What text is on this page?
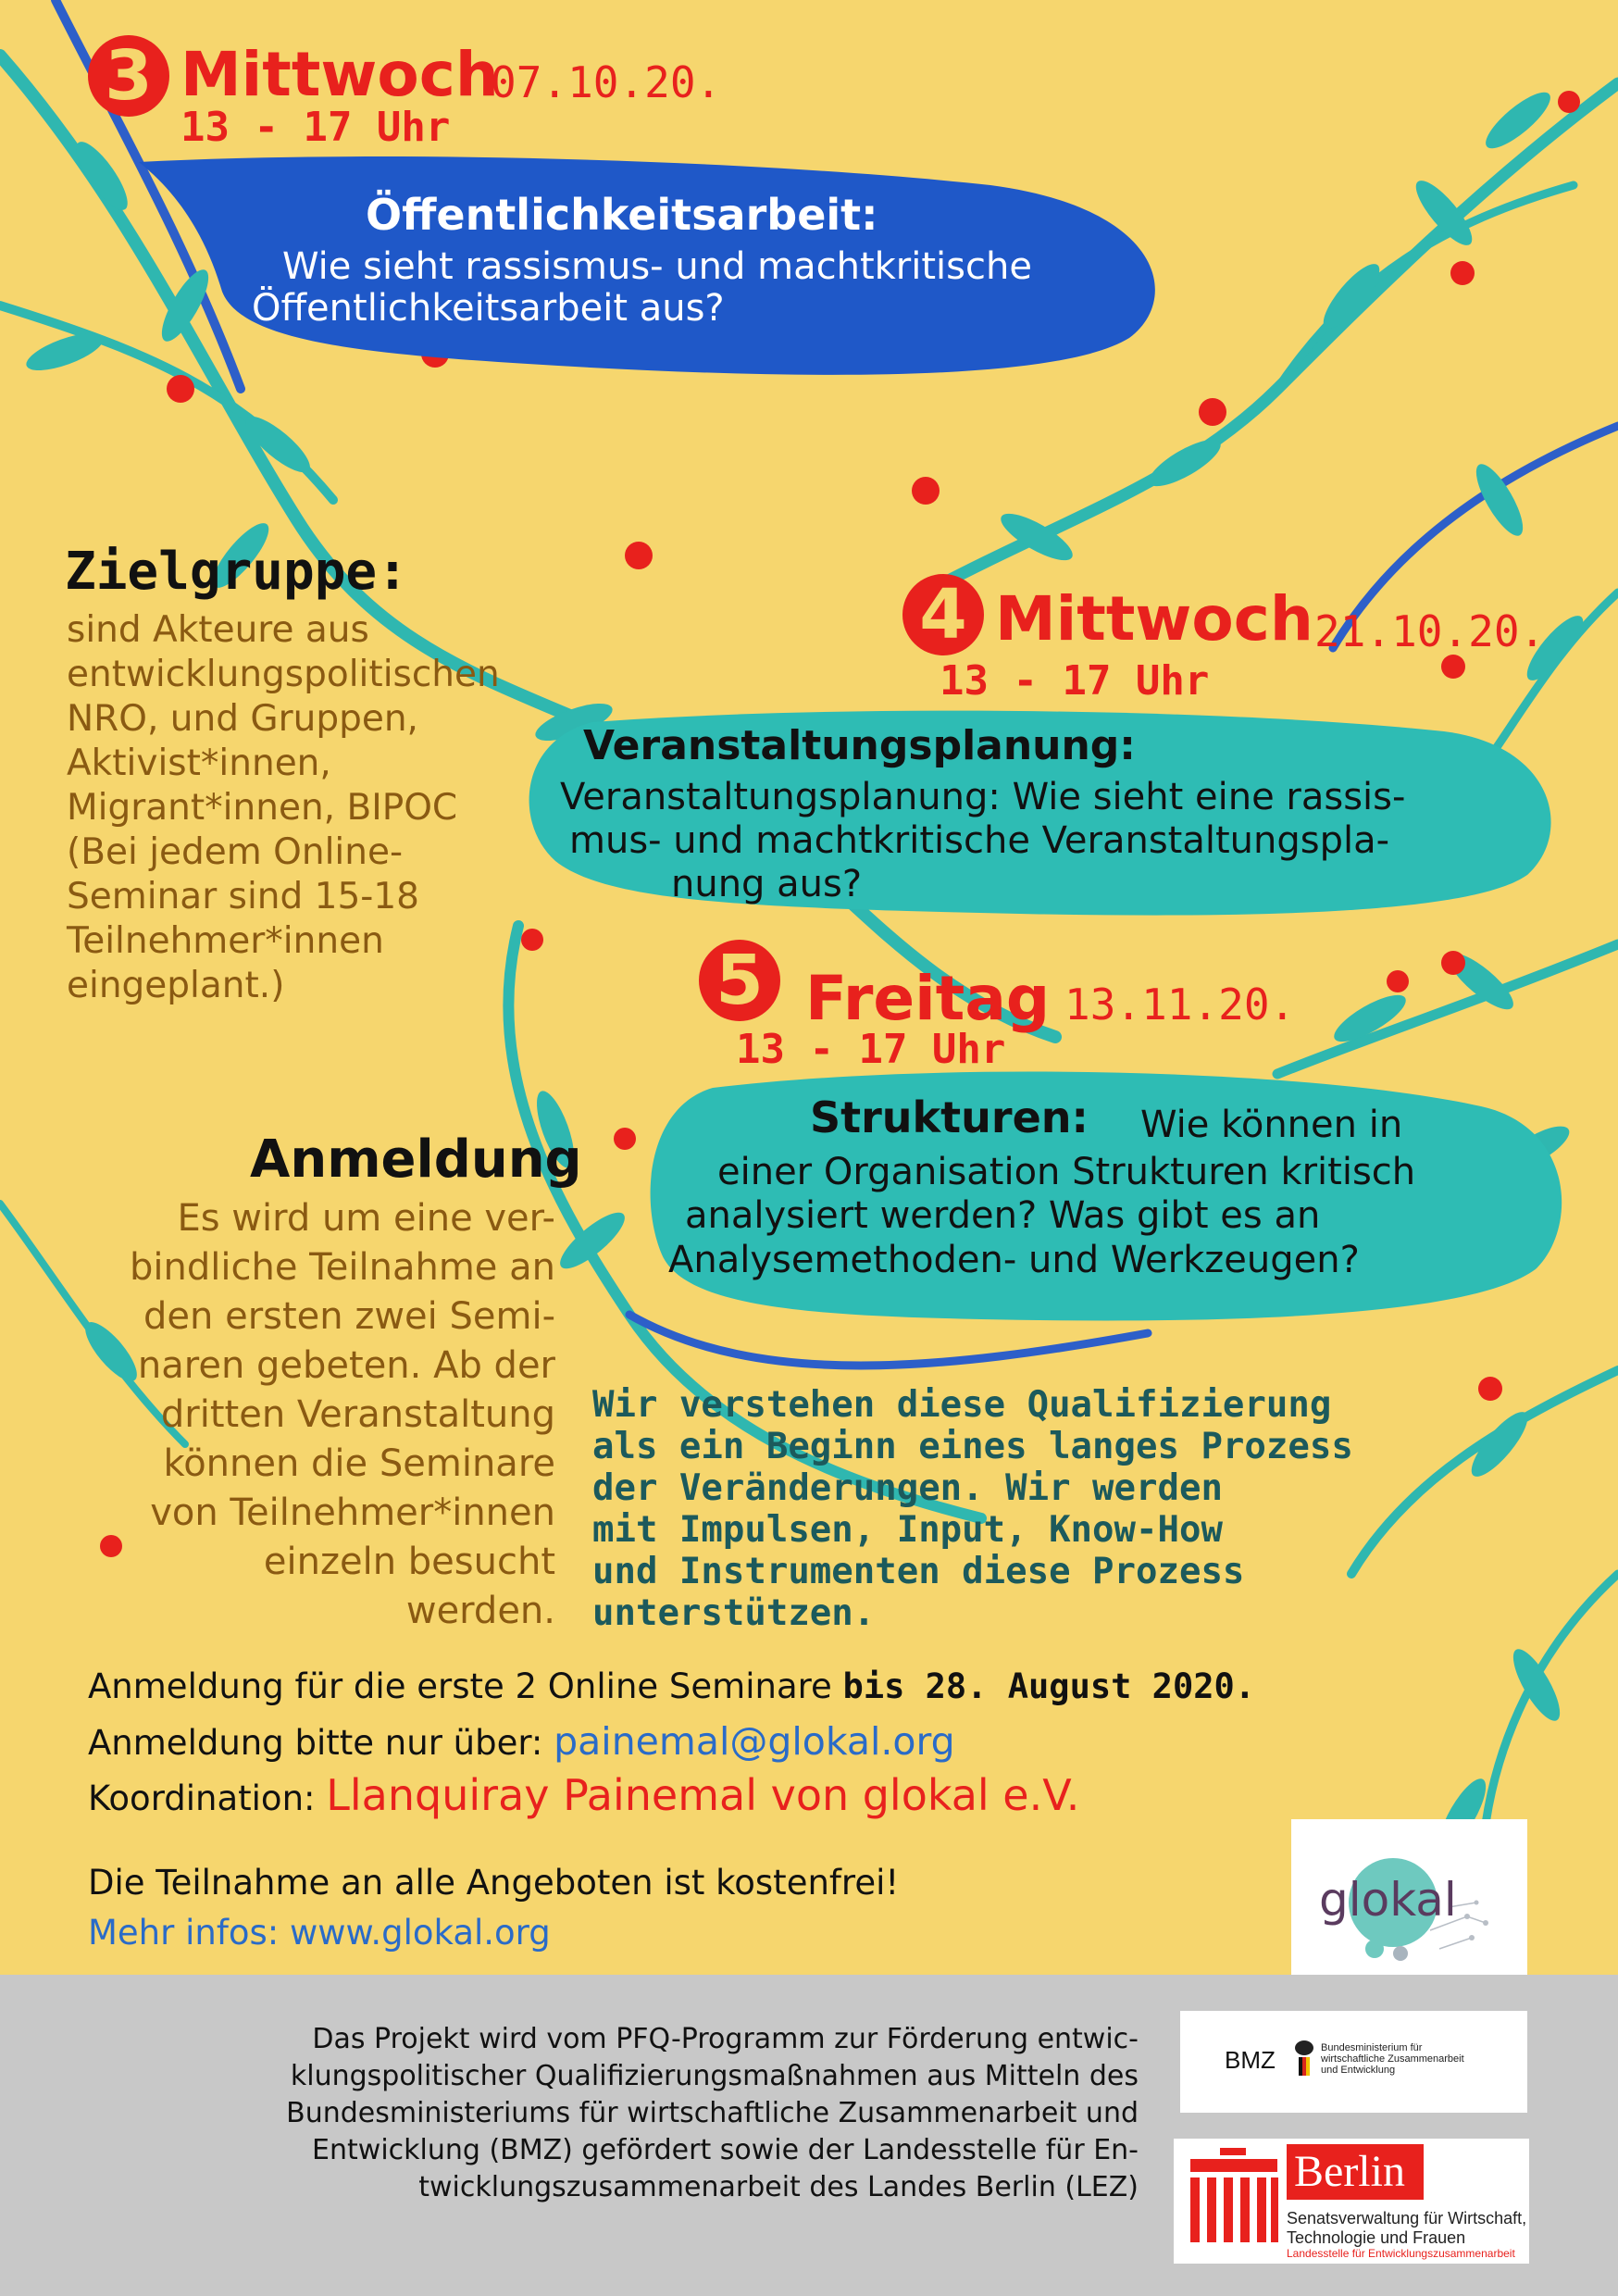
3 Mittwoch
07.10.20.
13 - 17 Uhr
Öffentlichkeitsarbeit:
Wie sieht rassismus- und machtkritische
Öffentlichkeitsarbeit aus?
Zielgruppe:
sind Akteure aus
entwicklungspolitischen
NRO, und Gruppen,
Aktivist*innen,
Migrant*innen, BIPOC
(Bei jedem Online-
Seminar sind 15-18
Teilnehmer*innen
eingeplant.)
4 Mittwoch 21.10.20.
13 - 17 Uhr
Veranstaltungsplanung:
Veranstaltungsplanung: Wie sieht eine rassis-
mus- und machtkritische Veranstaltungspla-
nung aus?
5 Freitag 13.11.20.
13 - 17 Uhr
Strukturen: Wie können in
einer Organisation Strukturen kritisch
analysiert werden? Was gibt es an
Analysemethoden- und Werkzeugen?
Anmeldung
Es wird um eine ver-
bindliche Teilnahme an
den ersten zwei Semi-
naren gebeten. Ab der
dritten Veranstaltung
können die Seminare
von Teilnehmer*innen
einzeln besucht
werden.
Wir verstehen diese Qualifizierung
als ein Beginn eines langes Prozess
der Veränderungen. Wir werden
mit Impulsen, Input, Know-How
und Instrumenten diese Prozess
unterstützen.
Anmeldung für die erste 2 Online Seminare bis 28. August 2020.
Anmeldung bitte nur über: painemal@glokal.org
Koordination: Llanquiray Painemal von glokal e.V.
Die Teilnahme an alle Angeboten ist kostenfrei!
Mehr infos: www.glokal.org
glokal
Das Projekt wird vom PFQ-Programm zur Förderung entwic-
klungspolitischer Qualifizierungsmaßnahmen aus Mitteln des
Bundesministeriums für wirtschaftliche Zusammenarbeit und
Entwicklung (BMZ) gefördert sowie der Landesstelle für En-
twicklungszusammenarbeit des Landes Berlin (LEZ)
BMZ	Bundesministerium für
wirtschaftliche Zusammenarbeit
und Entwicklung
Berlin
Senatsverwaltung für Wirtschaft,
Technologie und Frauen
Landesstelle für Entwicklungszusammenarbeit
